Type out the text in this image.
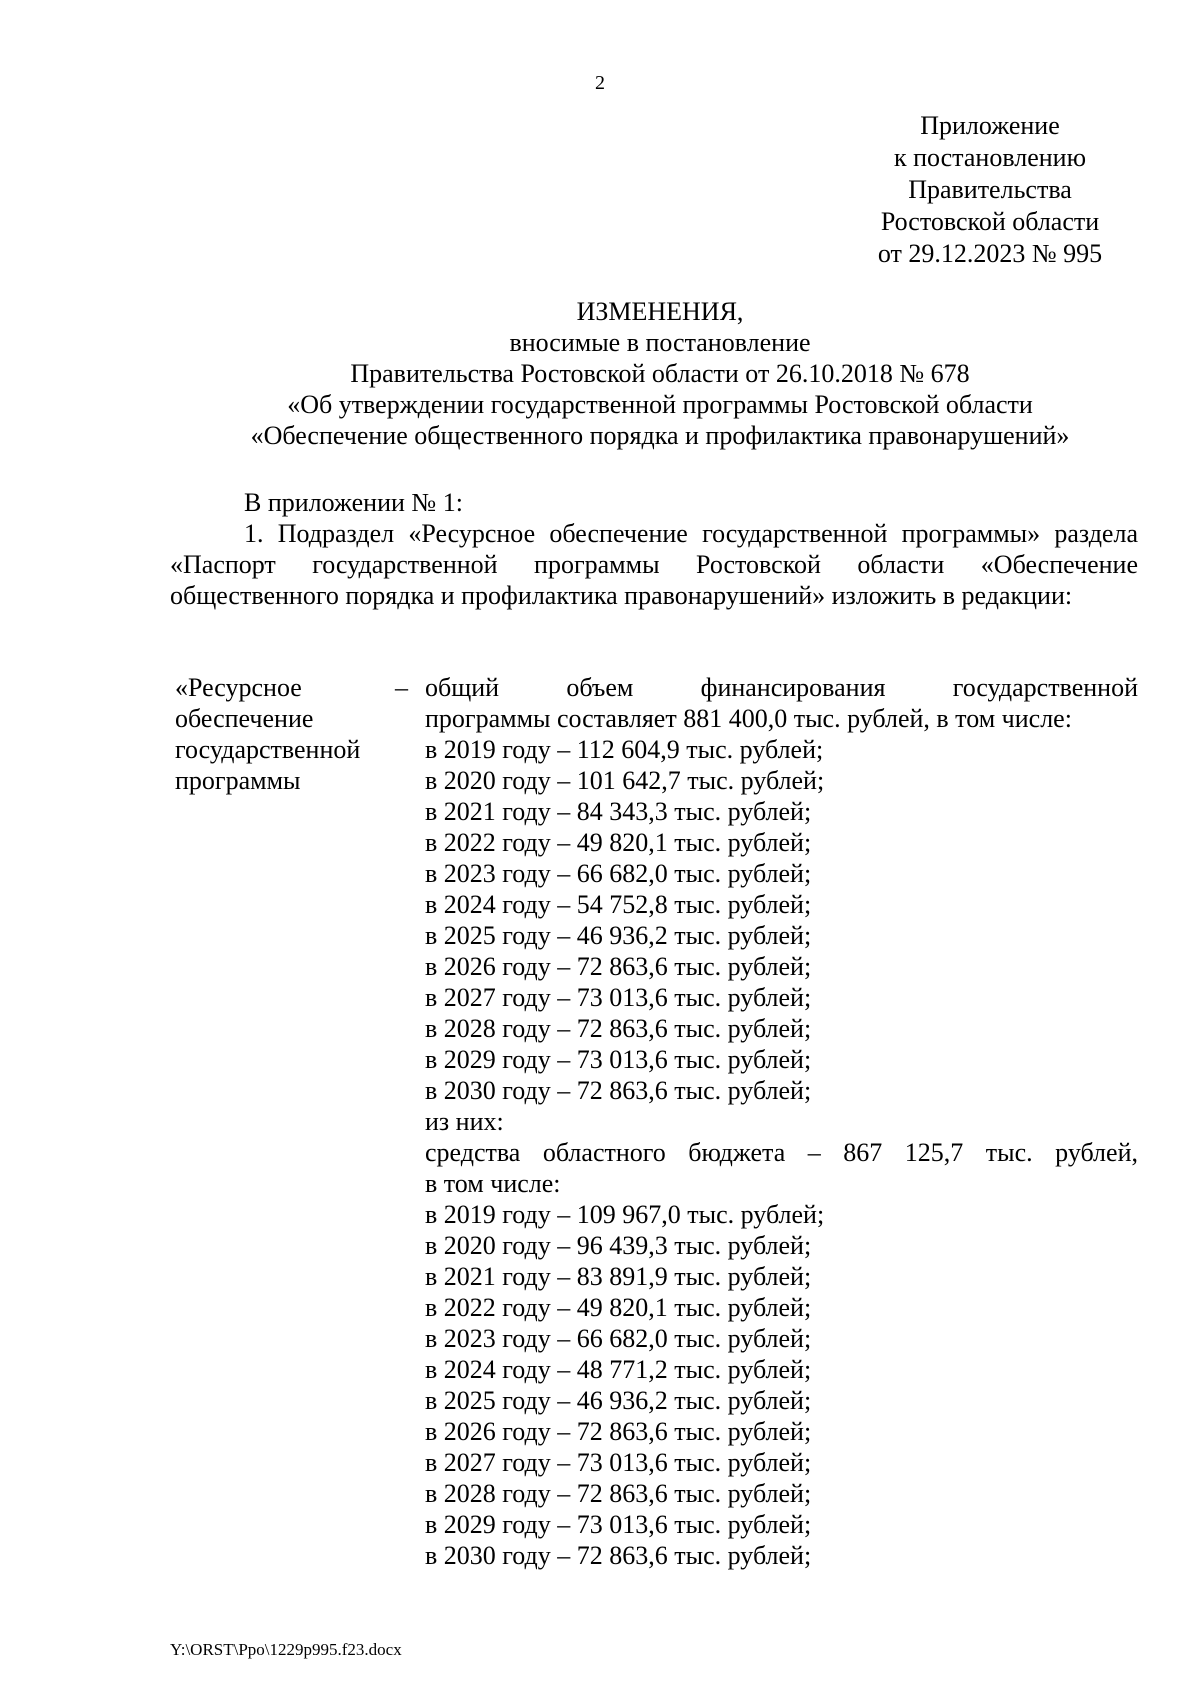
2
Приложение
к постановлению
Правительства
Ростовской области
от 29.12.2023 № 995
ИЗМЕНЕНИЯ,
вносимые в постановление
Правительства Ростовской области от 26.10.2018 № 678
«Об утверждении государственной программы Ростовской области
«Обеспечение общественного порядка и профилактика правонарушений»
В приложении № 1:
1. Подраздел «Ресурсное обеспечение государственной программы» раздела «Паспорт государственной программы Ростовской области «Обеспечение общественного порядка и профилактика правонарушений» изложить в редакции:
«Ресурсное
обеспечение
государственной
программы
– общий объем финансирования государственной
программы составляет 881 400,0 тыс. рублей, в том числе:
в 2019 году – 112 604,9 тыс. рублей;
в 2020 году – 101 642,7 тыс. рублей;
в 2021 году – 84 343,3 тыс. рублей;
в 2022 году – 49 820,1 тыс. рублей;
в 2023 году – 66 682,0 тыс. рублей;
в 2024 году – 54 752,8 тыс. рублей;
в 2025 году – 46 936,2 тыс. рублей;
в 2026 году – 72 863,6 тыс. рублей;
в 2027 году – 73 013,6 тыс. рублей;
в 2028 году – 72 863,6 тыс. рублей;
в 2029 году – 73 013,6 тыс. рублей;
в 2030 году – 72 863,6 тыс. рублей;
из них:
средства областного бюджета – 867 125,7 тыс. рублей,
в том числе:
в 2019 году – 109 967,0 тыс. рублей;
в 2020 году – 96 439,3 тыс. рублей;
в 2021 году – 83 891,9 тыс. рублей;
в 2022 году – 49 820,1 тыс. рублей;
в 2023 году – 66 682,0 тыс. рублей;
в 2024 году – 48 771,2 тыс. рублей;
в 2025 году – 46 936,2 тыс. рублей;
в 2026 году – 72 863,6 тыс. рублей;
в 2027 году – 73 013,6 тыс. рублей;
в 2028 году – 72 863,6 тыс. рублей;
в 2029 году – 73 013,6 тыс. рублей;
в 2030 году – 72 863,6 тыс. рублей;
Y:\ORST\Ppo\1229p995.f23.docx
